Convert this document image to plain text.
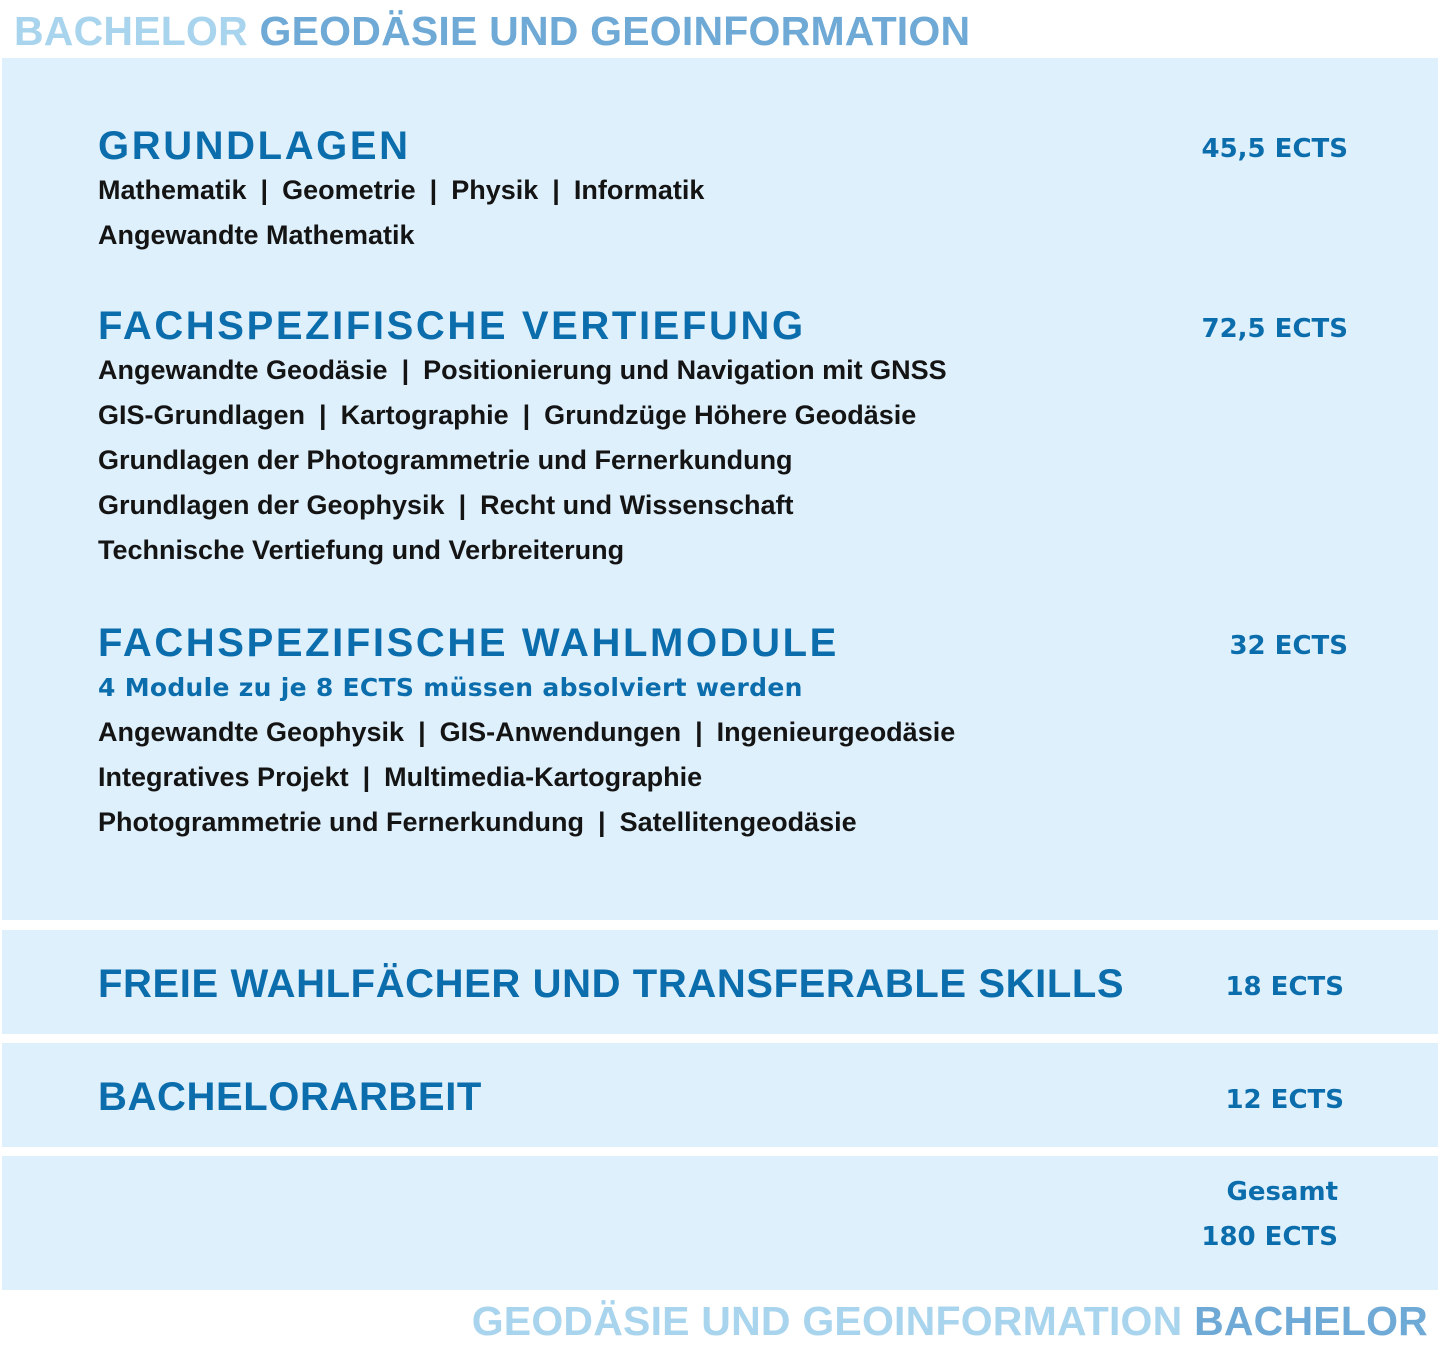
BACHELOR GEODÄSIE UND GEOINFORMATION
GRUNDLAGEN	45,5 ECTS
Mathematik | Geometrie | Physik | Informatik
Angewandte Mathematik
FACHSPEZIFISCHE VERTIEFUNG	72,5 ECTS
Angewandte Geodäsie | Positionierung und Navigation mit GNSS
GIS-Grundlagen | Kartographie | Grundzüge Höhere Geodäsie
Grundlagen der Photogrammetrie und Fernerkundung
Grundlagen der Geophysik | Recht und Wissenschaft
Technische Vertiefung und Verbreiterung
FACHSPEZIFISCHE WAHLMODULE	32 ECTS
4 Module zu je 8 ECTS müssen absolviert werden
Angewandte Geophysik | GIS-Anwendungen | Ingenieurgeodäsie
Integratives Projekt | Multimedia-Kartographie
Photogrammetrie und Fernerkundung | Satellitengeodäsie
FREIE WAHLFÄCHER UND TRANSFERABLE SKILLS	18 ECTS
BACHELORARBEIT	12 ECTS
Gesamt
180 ECTS
GEODÄSIE UND GEOINFORMATION BACHELOR
